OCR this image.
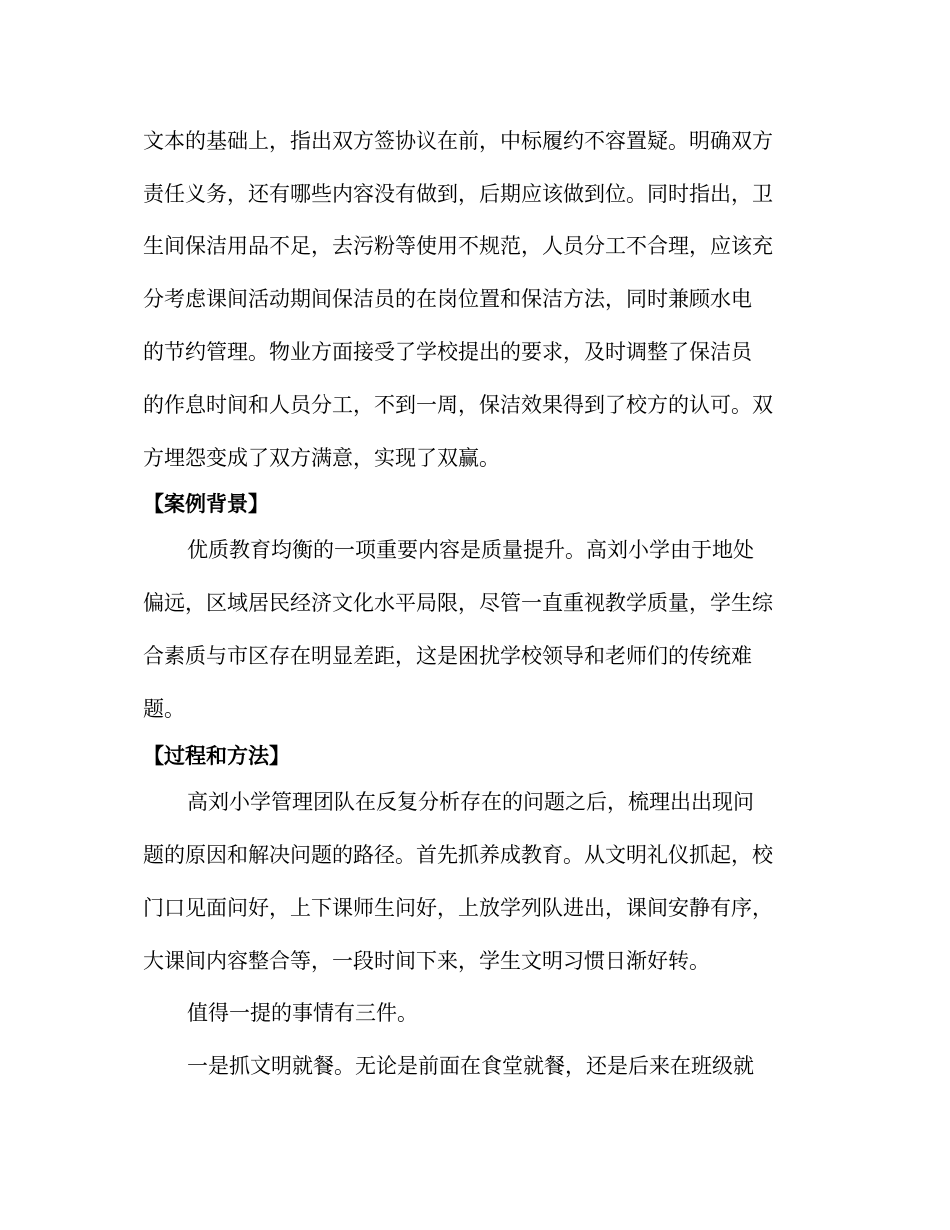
文本的基础上，指出双方签协议在前，中标履约不容置疑。明确双方
责任义务，还有哪些内容没有做到，后期应该做到位。同时指出，卫
生间保洁用品不足，去污粉等使用不规范，人员分工不合理，应该充
分考虑课间活动期间保洁员的在岗位置和保洁方法，同时兼顾水电
的节约管理。物业方面接受了学校提出的要求，及时调整了保洁员
的作息时间和人员分工，不到一周，保洁效果得到了校方的认可。双
方埋怨变成了双方满意，实现了双赢。
【案例背景】
优质教育均衡的一项重要内容是质量提升。高刘小学由于地处
偏远，区域居民经济文化水平局限，尽管一直重视教学质量，学生综
合素质与市区存在明显差距，这是困扰学校领导和老师们的传统难
题。
【过程和方法】
高刘小学管理团队在反复分析存在的问题之后，梳理出出现问
题的原因和解决问题的路径。首先抓养成教育。从文明礼仪抓起，校
门口见面问好，上下课师生问好，上放学列队进出，课间安静有序，
大课间内容整合等，一段时间下来，学生文明习惯日渐好转。
值得一提的事情有三件。
一是抓文明就餐。无论是前面在食堂就餐，还是后来在班级就
